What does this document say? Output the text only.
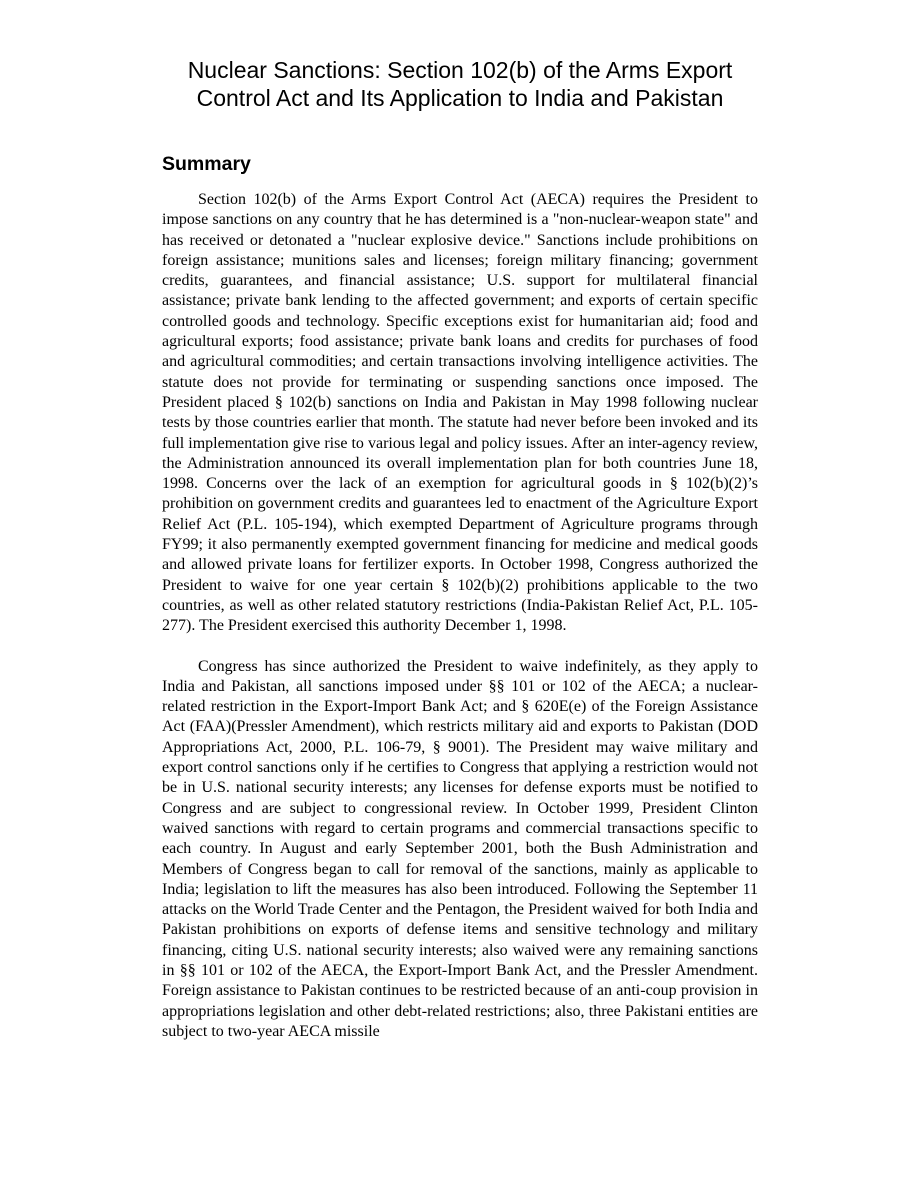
Nuclear Sanctions: Section 102(b) of the Arms Export
Control Act and Its Application to India and Pakistan
Summary

Section 102(b) of the Arms Export Control Act (AECA) requires the President to impose sanctions on any country that he has determined is a "non-nuclear-weapon state" and has received or detonated a "nuclear explosive device." Sanctions include prohibitions on foreign assistance; munitions sales and licenses; foreign military financing; government credits, guarantees, and financial assistance; U.S. support for multilateral financial assistance; private bank lending to the affected government; and exports of certain specific controlled goods and technology. Specific exceptions exist for humanitarian aid; food and agricultural exports; food assistance; private bank loans and credits for purchases of food and agricultural commodities; and certain transactions involving intelligence activities. The statute does not provide for terminating or suspending sanctions once imposed. The President placed § 102(b) sanctions on India and Pakistan in May 1998 following nuclear tests by those countries earlier that month. The statute had never before been invoked and its full implementation give rise to various legal and policy issues. After an inter-agency review, the Administration announced its overall implementation plan for both countries June 18, 1998. Concerns over the lack of an exemption for agricultural goods in § 102(b)(2)’s prohibition on government credits and guarantees led to enactment of the Agriculture Export Relief Act (P.L. 105-194), which exempted Department of Agriculture programs through FY99; it also permanently exempted government financing for medicine and medical goods and allowed private loans for fertilizer exports. In October 1998, Congress authorized the President to waive for one year certain § 102(b)(2) prohibitions applicable to the two countries, as well as other related statutory restrictions (India-Pakistan Relief Act, P.L. 105-277). The President exercised this authority December 1, 1998.

Congress has since authorized the President to waive indefinitely, as they apply to India and Pakistan, all sanctions imposed under §§ 101 or 102 of the AECA; a nuclear-related restriction in the Export-Import Bank Act; and § 620E(e) of the Foreign Assistance Act (FAA)(Pressler Amendment), which restricts military aid and exports to Pakistan (DOD Appropriations Act, 2000, P.L. 106-79, § 9001). The President may waive military and export control sanctions only if he certifies to Congress that applying a restriction would not be in U.S. national security interests; any licenses for defense exports must be notified to Congress and are subject to congressional review. In October 1999, President Clinton waived sanctions with regard to certain programs and commercial transactions specific to each country. In August and early September 2001, both the Bush Administration and Members of Congress began to call for removal of the sanctions, mainly as applicable to India; legislation to lift the measures has also been introduced. Following the September 11 attacks on the World Trade Center and the Pentagon, the President waived for both India and Pakistan prohibitions on exports of defense items and sensitive technology and military financing, citing U.S. national security interests; also waived were any remaining sanctions in §§ 101 or 102 of the AECA, the Export-Import Bank Act, and the Pressler Amendment. Foreign assistance to Pakistan continues to be restricted because of an anti-coup provision in appropriations legislation and other debt-related restrictions; also, three Pakistani entities are subject to two-year AECA missile
